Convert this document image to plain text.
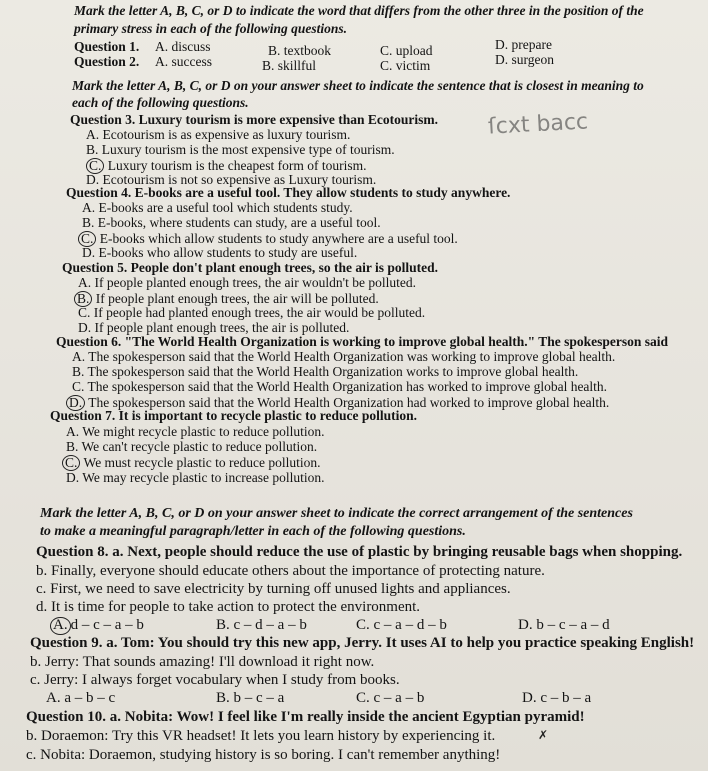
Mark the letter A, B, C, or D to indicate the word that differs from the other three in the position of the
primary stress in each of the following questions.
Question 1. A. discuss	B. textbook	C. upload	D. prepare
Question 2. A. success	B. skillful	C. victim	D. surgeon
Mark the letter A, B, C, or D on your answer sheet to indicate the sentence that is closest in meaning to
each of the following questions.
Question 3. Luxury tourism is more expensive than Ecotourism.
A. Ecotourism is as expensive as luxury tourism.
B. Luxury tourism is the most expensive type of tourism.
C. Luxury tourism is the cheapest form of tourism.
D. Ecotourism is not so expensive as Luxury tourism.
ſcxt bacc
Question 4. E-books are a useful tool. They allow students to study anywhere.
A. E-books are a useful tool which students study.
B. E-books, where students can study, are a useful tool.
C. E-books which allow students to study anywhere are a useful tool.
D. E-books who allow students to study are useful.
Question 5. People don't plant enough trees, so the air is polluted.
A. If people planted enough trees, the air wouldn't be polluted.
B. If people plant enough trees, the air will be polluted.
C. If people had planted enough trees, the air would be polluted.
D. If people plant enough trees, the air is polluted.
Question 6. "The World Health Organization is working to improve global health." The spokesperson said
A. The spokesperson said that the World Health Organization was working to improve global health.
B. The spokesperson said that the World Health Organization works to improve global health.
C. The spokesperson said that the World Health Organization has worked to improve global health.
D. The spokesperson said that the World Health Organization had worked to improve global health.
Question 7. It is important to recycle plastic to reduce pollution.
A. We might recycle plastic to reduce pollution.
B. We can't recycle plastic to reduce pollution.
C. We must recycle plastic to reduce pollution.
D. We may recycle plastic to increase pollution.
Mark the letter A, B, C, or D on your answer sheet to indicate the correct arrangement of the sentences
to make a meaningful paragraph/letter in each of the following questions.
Question 8. a. Next, people should reduce the use of plastic by bringing reusable bags when shopping.
b. Finally, everyone should educate others about the importance of protecting nature.
c. First, we need to save electricity by turning off unused lights and appliances.
d. It is time for people to take action to protect the environment.
A. d – c – a – b	B. c – d – a – b	C. c – a – d – b	D. b – c – a – d
Question 9. a. Tom: You should try this new app, Jerry. It uses AI to help you practice speaking English!
b. Jerry: That sounds amazing! I'll download it right now.
c. Jerry: I always forget vocabulary when I study from books.
A. a – b – c	B. b – c – a	C. c – a – b	D. c – b – a
Question 10. a. Nobita: Wow! I feel like I'm really inside the ancient Egyptian pyramid!
b. Doraemon: Try this VR headset! It lets you learn history by experiencing it.
c. Nobita: Doraemon, studying history is so boring. I can't remember anything!
✗
